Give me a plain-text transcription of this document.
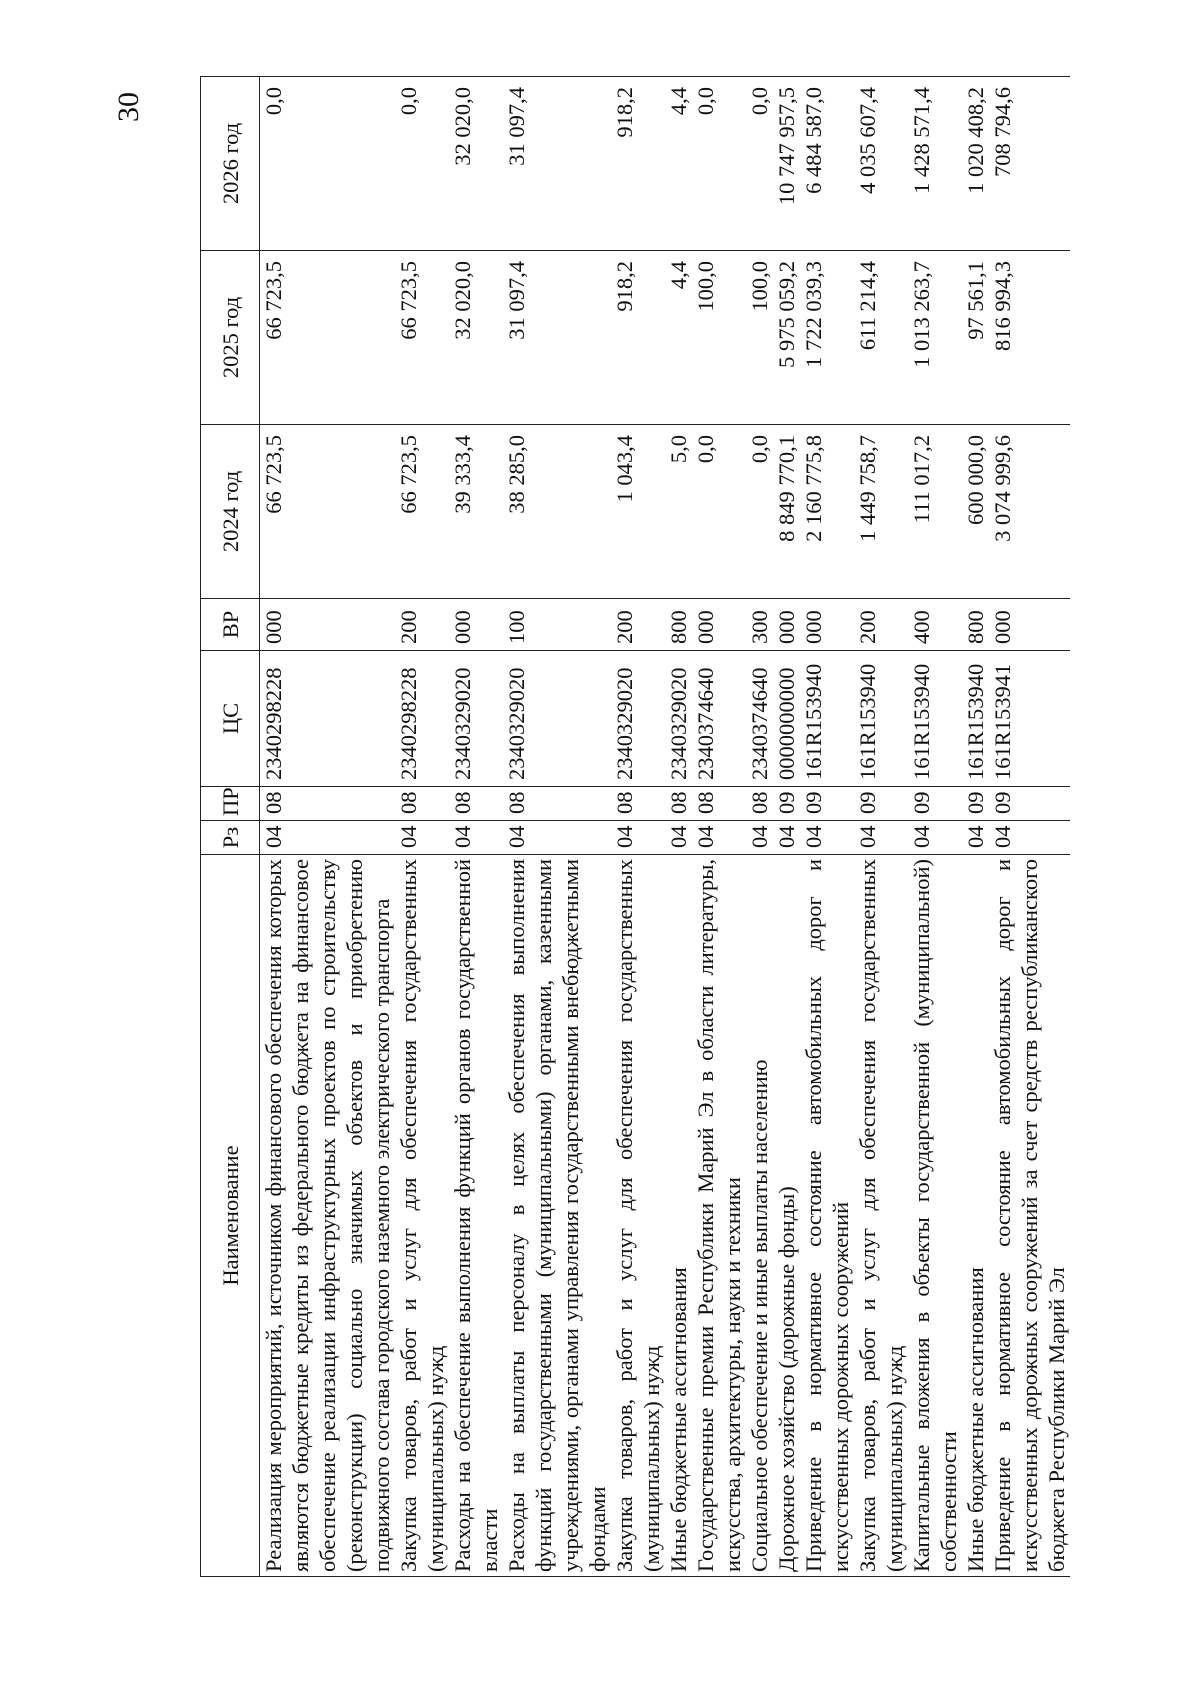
30
Наименование	Рз	ПР	ЦС	ВР	2024 год	2025 год	2026 год
Реализация мероприятий, источником финансового обеспечения которых являются бюджетные кредиты из федерального бюджета на финансовое обеспечение реализации инфраструктурных проектов по строительству (реконструкции) социально значимых объектов и приобретению подвижного состава городского наземного электрического транспорта	04	08	2340298228	000	66 723,5	66 723,5	0,0
Закупка товаров, работ и услуг для обеспечения государственных (муниципальных) нужд	04	08	2340298228	200	66 723,5	66 723,5	0,0
Расходы на обеспечение выполнения функций органов государственной власти	04	08	2340329020	000	39 333,4	32 020,0	32 020,0
Расходы на выплаты персоналу в целях обеспечения выполнения функций государственными (муниципальными) органами, казенными учреждениями, органами управления государственными внебюджетными фондами	04	08	2340329020	100	38 285,0	31 097,4	31 097,4
Закупка товаров, работ и услуг для обеспечения государственных (муниципальных) нужд	04	08	2340329020	200	1 043,4	918,2	918,2
Иные бюджетные ассигнования	04	08	2340329020	800	5,0	4,4	4,4
Государственные премии Республики Марий Эл в области литературы, искусства, архитектуры, науки и техники	04	08	2340374640	000	0,0	100,0	0,0
Социальное обеспечение и иные выплаты населению	04	08	2340374640	300	0,0	100,0	0,0
Дорожное хозяйство (дорожные фонды)	04	09	0000000000	000	8 849 770,1	5 975 059,2	10 747 957,5
Приведение в нормативное состояние автомобильных дорог и искусственных дорожных сооружений	04	09	161R153940	000	2 160 775,8	1 722 039,3	6 484 587,0
Закупка товаров, работ и услуг для обеспечения государственных (муниципальных) нужд	04	09	161R153940	200	1 449 758,7	611 214,4	4 035 607,4
Капитальные вложения в объекты государственной (муниципальной) собственности	04	09	161R153940	400	111 017,2	1 013 263,7	1 428 571,4
Иные бюджетные ассигнования	04	09	161R153940	800	600 000,0	97 561,1	1 020 408,2
Приведение в нормативное состояние автомобильных дорог и искусственных дорожных сооружений за счет средств республиканского бюджета Республики Марий Эл	04	09	161R153941	000	3 074 999,6	816 994,3	708 794,6
